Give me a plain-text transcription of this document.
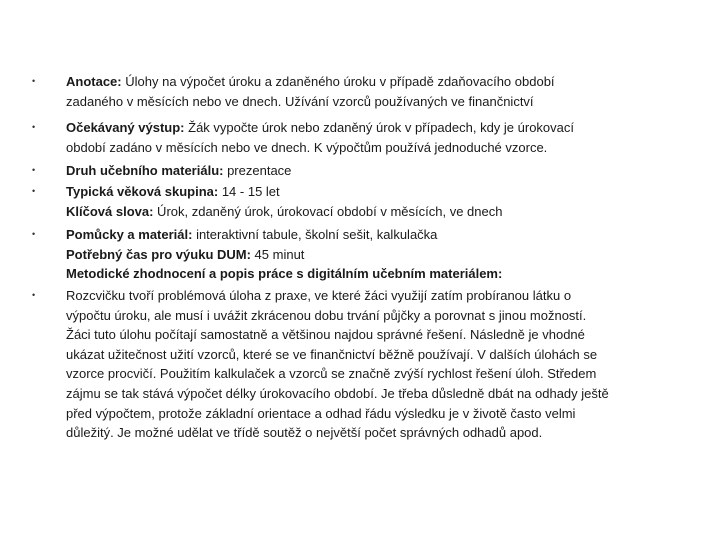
•	Anotace: Úlohy na výpočet úroku a zdaněného úroku v případě zdaňovacího období
zadaného v měsících nebo ve dnech. Užívání vzorců používaných ve finančnictví
•	Očekávaný výstup: Žák vypočte úrok nebo zdaněný úrok v případech, kdy je úrokovací
období zadáno v měsících nebo ve dnech. K výpočtům používá jednoduché vzorce.
•	Druh učebního materiálu: prezentace
•	Typická věková skupina: 14 - 15 let
Klíčová slova: Úrok, zdaněný úrok, úrokovací období v měsících, ve dnech
•	Pomůcky a materiál: interaktivní tabule, školní sešit, kalkulačka
Potřebný čas pro výuku DUM: 45 minut
Metodické zhodnocení a popis práce s digitálním učebním materiálem:
•	Rozcvičku tvoří problémová úloha z praxe, ve které žáci využijí zatím probíranou látku o
výpočtu úroku, ale musí i uvážit zkrácenou dobu trvání půjčky a porovnat s jinou možností.
Žáci tuto úlohu počítají samostatně a většinou najdou správné řešení. Následně je vhodné
ukázat užitečnost užití vzorců, které se ve finančnictví běžně používají. V dalších úlohách se
vzorce procvičí. Použitím kalkulaček a vzorců se značně zvýší rychlost řešení úloh. Středem
zájmu se tak stává výpočet délky úrokovacího období. Je třeba důsledně dbát na odhady ještě
před výpočtem, protože základní orientace a odhad řádu výsledku je v životě často velmi
důležitý. Je možné udělat ve třídě soutěž o největší počet správných odhadů apod.
